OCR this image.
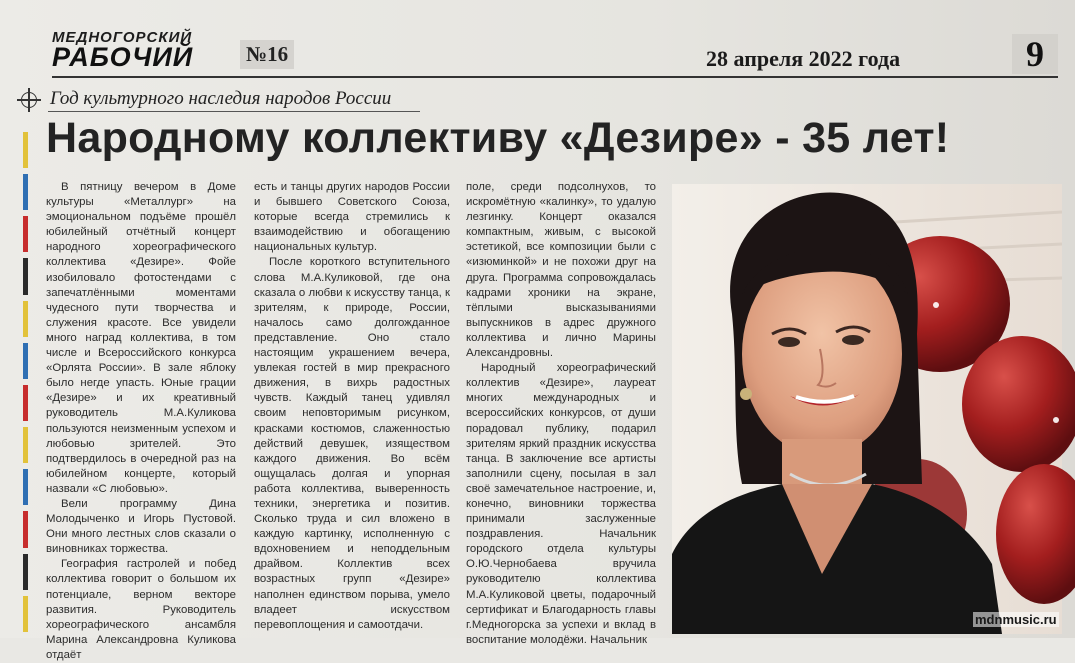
МЕДНОГОРСКИЙ
РАБОЧИЙ	№16	28 апреля 2022 года	9
Год культурного наследия народов России
Народному коллективу «Дезире» - 35 лет!

В пятницу вечером в Доме культуры «Металлург» на эмоциональном подъёме прошёл юбилейный отчётный концерт народного хореографического коллектива «Дезире». Фойе изобиловало фотостендами с запечатлёнными моментами чудесного пути творчества и служения красоте. Все увидели много наград коллектива, в том числе и Всероссийского конкурса «Орлята России». В зале яблоку было негде упасть. Юные грации «Дезире» и их креативный руководитель М.А.Куликова пользуются неизменным успехом и любовью зрителей. Это подтвердилось в очередной раз на юбилейном концерте, который назвали «С любовью».

Вели программу Дина Молодыченко и Игорь Пустовой. Они много лестных слов сказали о виновниках торжества.

География гастролей и побед коллектива говорит о большом их потенциале, верном векторе развития. Руководитель хореографического ансамбля Марина Александровна Куликова отдаёт

есть и танцы других народов России и бывшего Советского Союза, которые всегда стремились к взаимодействию и обогащению национальных культур.

После короткого вступительного слова М.А.Куликовой, где она сказала о любви к искусству танца, к зрителям, к природе, России, началось само долгожданное представление. Оно стало настоящим украшением вечера, увлекая гостей в мир прекрасного движения, в вихрь радостных чувств. Каждый танец удивлял своим неповторимым рисунком, красками костюмов, слаженностью действий девушек, изяществом каждого движения. Во всём ощущалась долгая и упорная работа коллектива, выверенность техники, энергетика и позитив. Сколько труда и сил вложено в каждую картинку, исполненную с вдохновением и неподдельным драйвом. Коллектив всех возрастных групп «Дезире» наполнен единством порыва, умело владеет искусством перевоплощения и самоотдачи.

поле, среди подсолнухов, то искромётную «калинку», то удалую лезгинку. Концерт оказался компактным, живым, с высокой эстетикой, все композиции были с «изюминкой» и не похожи друг на друга. Программа сопровождалась кадрами хроники на экране, тёплыми высказываниями выпускников в адрес дружного коллектива и лично Марины Александровны.

Народный хореографический коллектив «Дезире», лауреат многих международных и всероссийских конкурсов, от души порадовал публику, подарил зрителям яркий праздник искусства танца. В заключение все артисты заполнили сцену, посылая в зал своё замечательное настроение, и, конечно, виновники торжества принимали заслуженные поздравления. Начальник городского отдела культуры О.Ю.Чернобаева вручила руководителю коллектива М.А.Куликовой цветы, подарочный сертификат и Благодарность главы г.Медногорска за успехи и вклад в воспитание молодёжи. Начальник

mdnmusic.ru
